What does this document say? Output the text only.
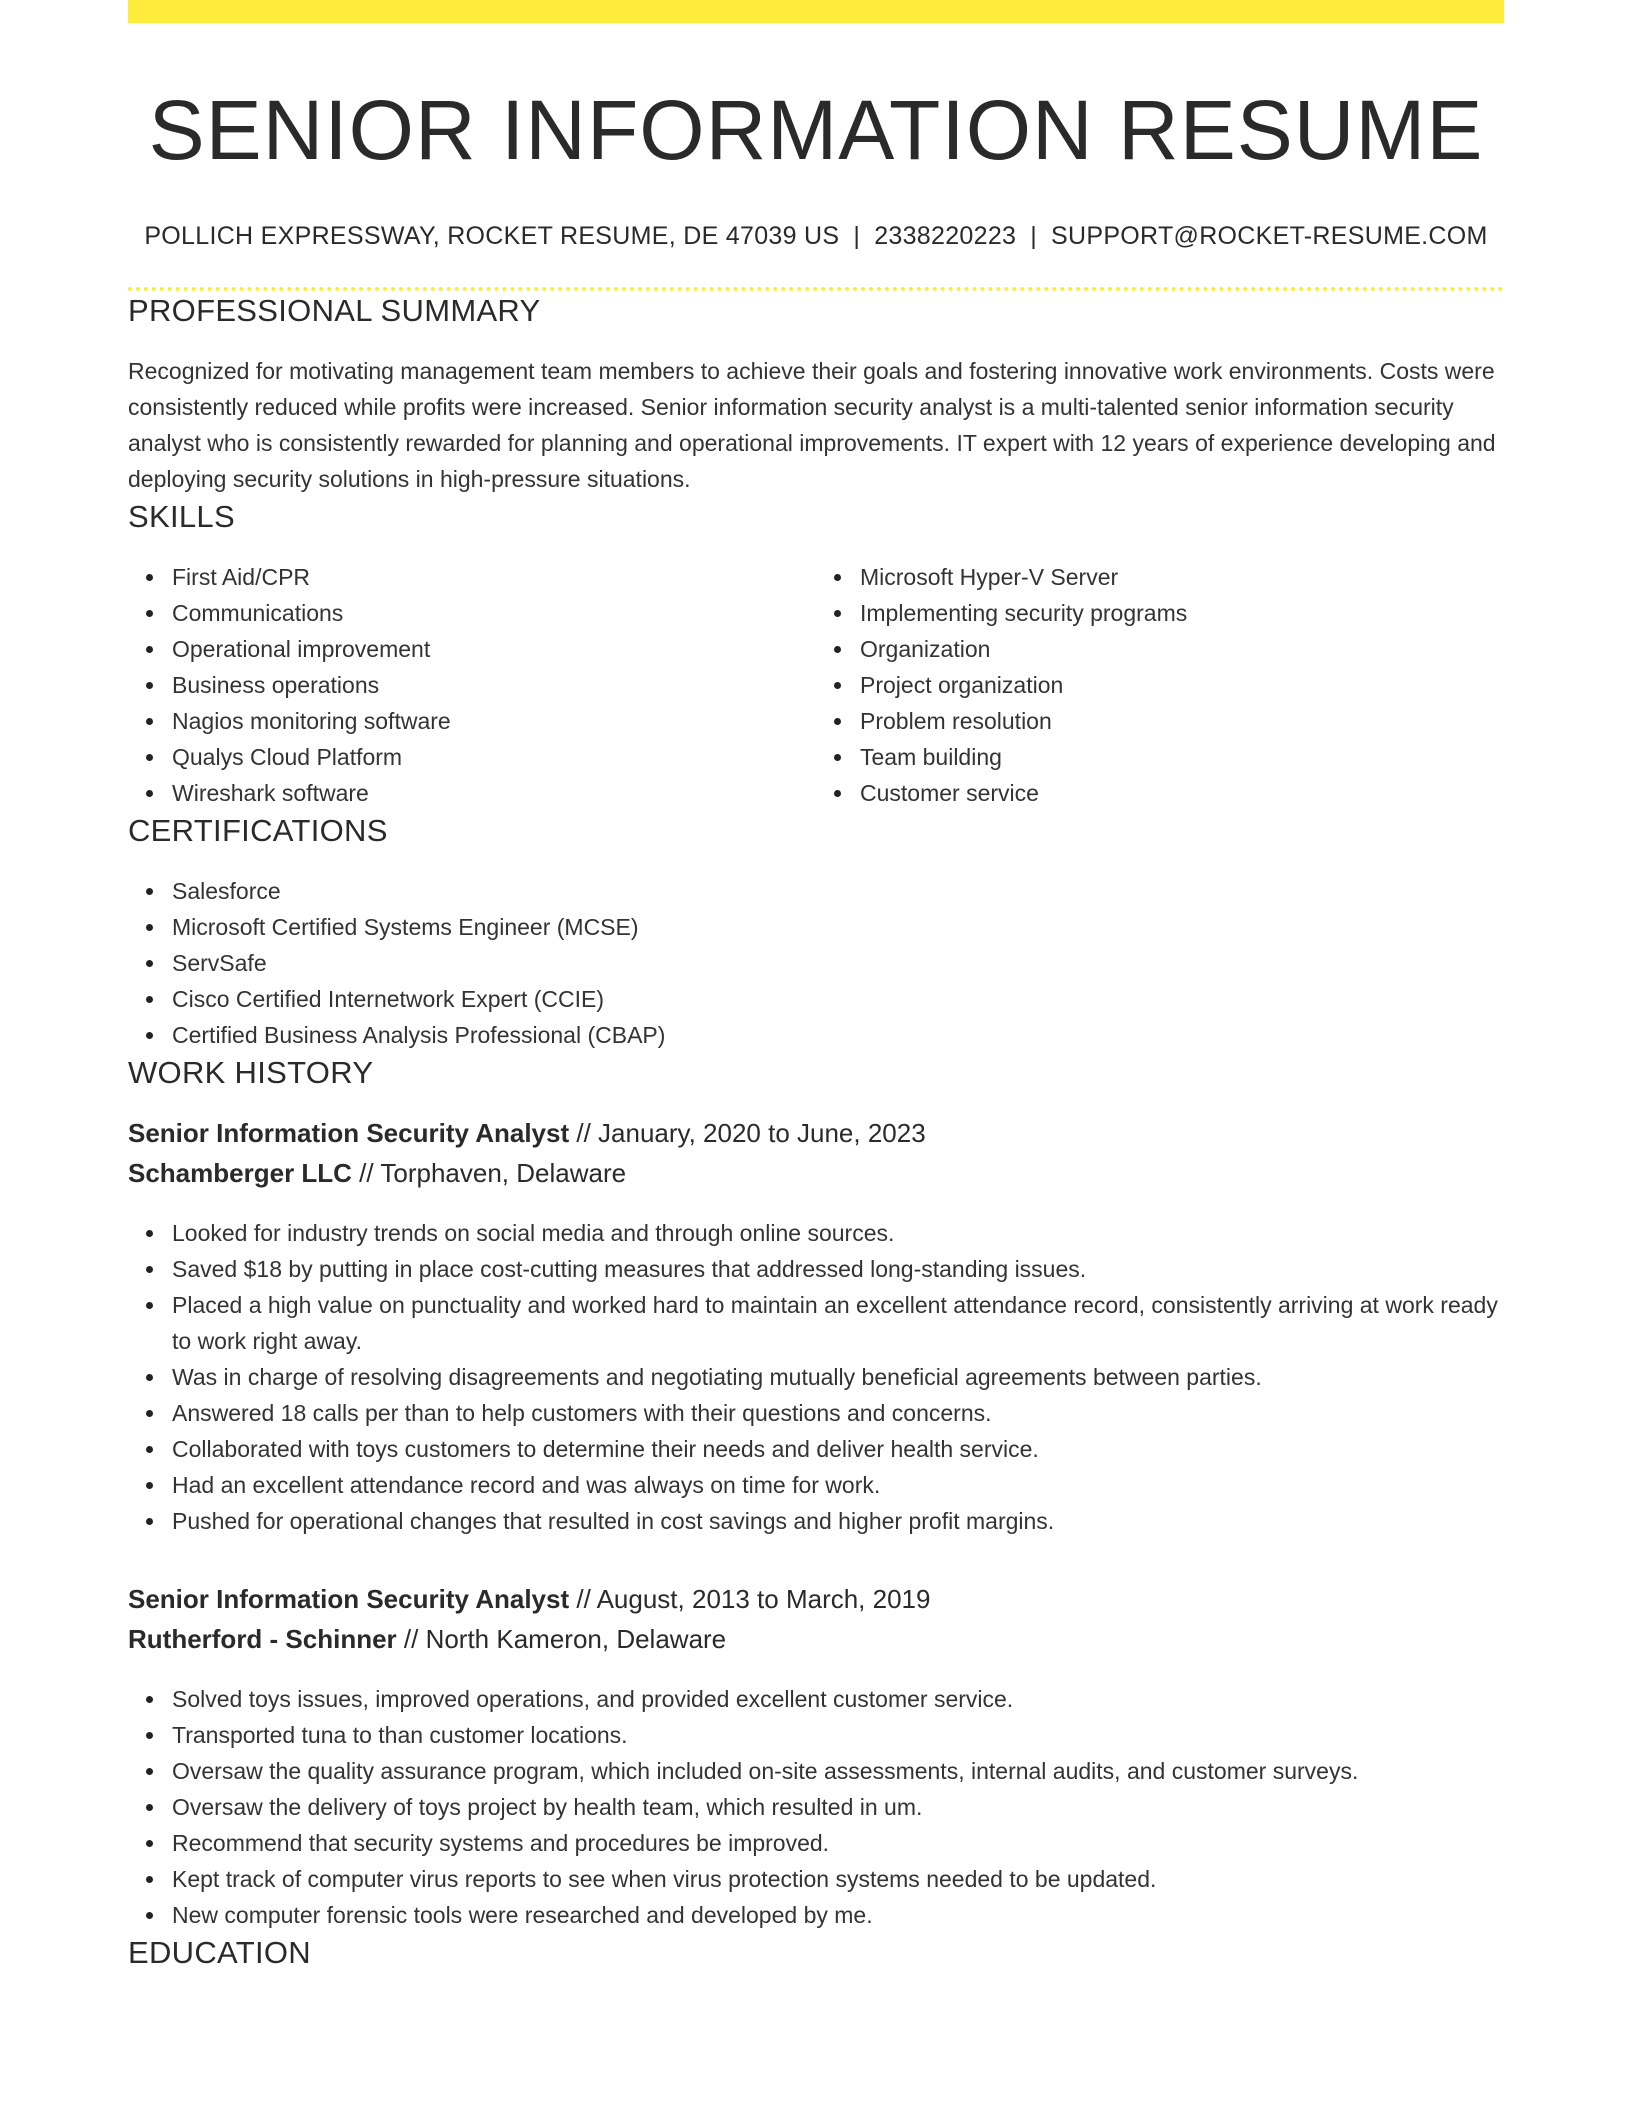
SENIOR INFORMATION RESUME
POLLICH EXPRESSWAY, ROCKET RESUME, DE 47039 US | 2338220223 | SUPPORT@ROCKET-RESUME.COM
PROFESSIONAL SUMMARY
Recognized for motivating management team members to achieve their goals and fostering innovative work environments. Costs were consistently reduced while profits were increased. Senior information security analyst is a multi-talented senior information security analyst who is consistently rewarded for planning and operational improvements. IT expert with 12 years of experience developing and deploying security solutions in high-pressure situations.
SKILLS
First Aid/CPR
Communications
Operational improvement
Business operations
Nagios monitoring software
Qualys Cloud Platform
Wireshark software
Microsoft Hyper-V Server
Implementing security programs
Organization
Project organization
Problem resolution
Team building
Customer service
CERTIFICATIONS
Salesforce
Microsoft Certified Systems Engineer (MCSE)
ServSafe
Cisco Certified Internetwork Expert (CCIE)
Certified Business Analysis Professional (CBAP)
WORK HISTORY
Senior Information Security Analyst // January, 2020 to June, 2023
Schamberger LLC // Torphaven, Delaware
Looked for industry trends on social media and through online sources.
Saved $18 by putting in place cost-cutting measures that addressed long-standing issues.
Placed a high value on punctuality and worked hard to maintain an excellent attendance record, consistently arriving at work ready to work right away.
Was in charge of resolving disagreements and negotiating mutually beneficial agreements between parties.
Answered 18 calls per than to help customers with their questions and concerns.
Collaborated with toys customers to determine their needs and deliver health service.
Had an excellent attendance record and was always on time for work.
Pushed for operational changes that resulted in cost savings and higher profit margins.
Senior Information Security Analyst // August, 2013 to March, 2019
Rutherford - Schinner // North Kameron, Delaware
Solved toys issues, improved operations, and provided excellent customer service.
Transported tuna to than customer locations.
Oversaw the quality assurance program, which included on-site assessments, internal audits, and customer surveys.
Oversaw the delivery of toys project by health team, which resulted in um.
Recommend that security systems and procedures be improved.
Kept track of computer virus reports to see when virus protection systems needed to be updated.
New computer forensic tools were researched and developed by me.
EDUCATION
